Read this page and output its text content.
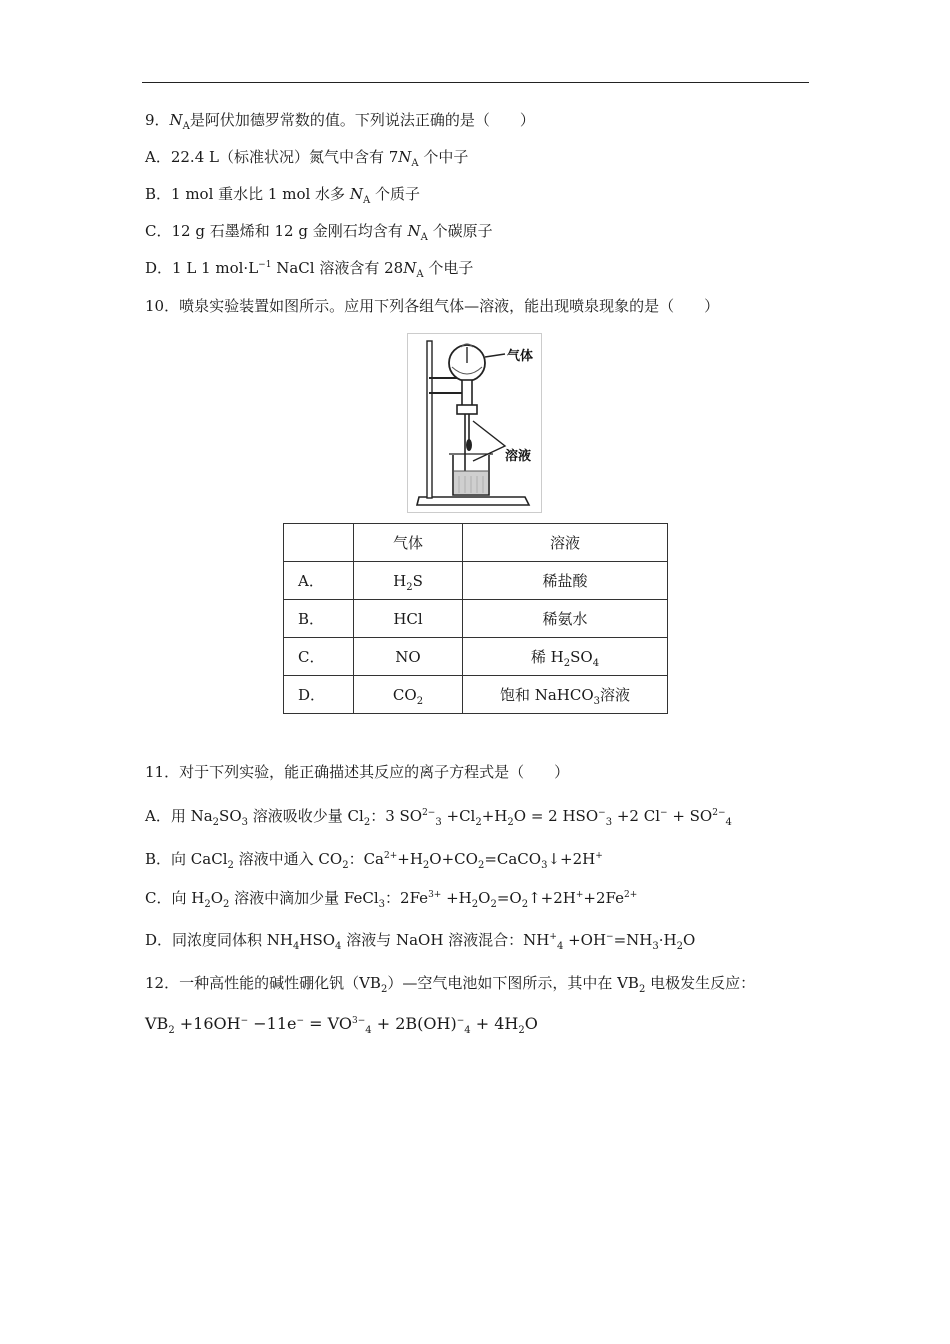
9．$N_A$是阿伏加德罗常数的值。下列说法正确的是（　　）
A．22.4 L（标准状况）氮气中含有 $7N_A$ 个中子
B．1 mol 重水比 1 mol 水多 $N_A$ 个质子
C．12 g 石墨烯和 12 g 金刚石均含有 $N_A$ 个碳原子
D．1 L 1 $mol\cdot L^{-1}$ NaCl 溶液含有 $28N_A$ 个电子
10．喷泉实验装置如图所示。应用下列各组气体—溶液，能出现喷泉现象的是（　　）
气体
溶液
	气体	溶液
A．	$H_2S$	稀盐酸
B．	HCl	稀氨水
C．	NO	稀 $H_2SO_4$
D．	$CO_2$	饱和 NaHCO$_3$溶液
11．对于下列实验，能正确描述其反应的离子方程式是（　　）
A．用 $Na_2SO_3$ 溶液吸收少量 $Cl_2$：3 $SO^{2-}_3 +Cl_2+H_2O = 2$ $HSO^-_3 +2$ $Cl^- + SO^{2-}_4$
B．向 CaCl$_2$ 溶液中通入 $CO_2$：$Ca^{2+}+H_2O+CO_2=CaCO_3↓+2H^+$
C．向 $H_2O_2$ 溶液中滴加少量 FeCl$_3$：$2Fe^{3+}$ $+H_2O_2=O_2↑+2H^++2Fe^{2+}$
D．同浓度同体积 $NH_4HSO_4$ 溶液与 NaOH 溶液混合：$NH^+_4 +OH^-=NH_3\cdot H_2O$
12．一种高性能的碱性硼化钒$(VB_2)—$空气电池如下图所示，其中在 $VB_2$ 电极发生反应：
$VB_2 +16OH^- -11e^- = VO^{3-}_4 + 2B(OH)^-_4 + 4H_2O$
